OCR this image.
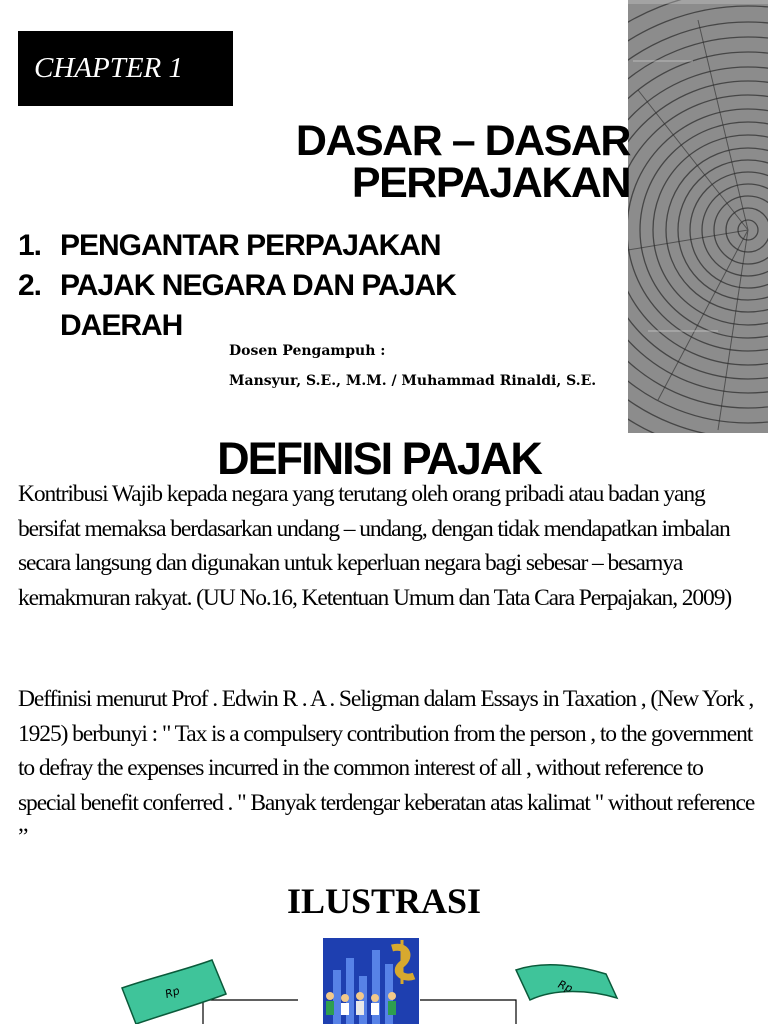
CHAPTER 1
DASAR – DASAR
PERPAJAKAN
1. PENGANTAR PERPAJAKAN
2. PAJAK NEGARA DAN PAJAK DAERAH
Dosen Pengampuh :
Mansyur, S.E., M.M. / Muhammad Rinaldi, S.E.
DEFINISI PAJAK

Kontribusi Wajib kepada negara yang terutang oleh orang pribadi atau badan yang bersifat memaksa berdasarkan undang – undang, dengan tidak mendapatkan imbalan secara langsung dan digunakan untuk keperluan negara bagi sebesar – besarnya kemakmuran rakyat. (UU No.16, Ketentuan Umum dan Tata Cara Perpajakan, 2009)

Deffinisi menurut Prof . Edwin R . A . Seligman dalam Essays in Taxation , (New York , 1925) berbunyi : " Tax is a compulsery contribution from the person , to the government to defray the expenses incurred in the common interest of all , without reference to special benefit conferred . " Banyak terdengar keberatan atas kalimat " without reference ”

ILUSTRASI
Rp	Rp
